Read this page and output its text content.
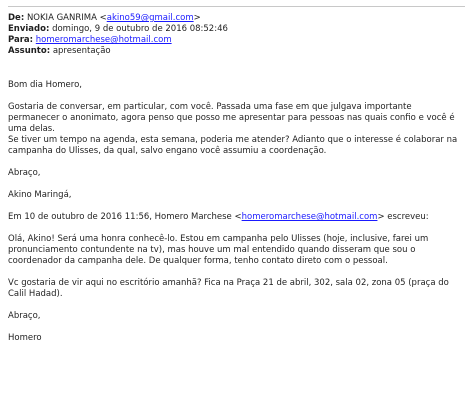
De: NOKIA GANRIMA <akino59@gmail.com>
Enviado: domingo, 9 de outubro de 2016 08:52:46
Para: homeromarchese@hotmail.com
Assunto: apresentação
Bom dia Homero,
Gostaria de conversar, em particular, com você. Passada uma fase em que julgava importante
permanecer o anonimato, agora penso que posso me apresentar para pessoas nas quais confio e você é
uma delas.
Se tiver um tempo na agenda, esta semana, poderia me atender? Adianto que o interesse é colaborar na
campanha do Ulisses, da qual, salvo engano você assumiu a coordenação.
Abraço,
Akino Maringá,
Em 10 de outubro de 2016 11:56, Homero Marchese <homeromarchese@hotmail.com> escreveu:
Olá, Akino! Será uma honra conhecê-lo. Estou em campanha pelo Ulisses (hoje, inclusive, farei um
pronunciamento contundente na tv), mas houve um mal entendido quando disseram que sou o
coordenador da campanha dele. De qualquer forma, tenho contato direto com o pessoal.
Vc gostaria de vir aqui no escritório amanhã? Fica na Praça 21 de abril, 302, sala 02, zona 05 (praça do
Calil Hadad).
Abraço,
Homero
